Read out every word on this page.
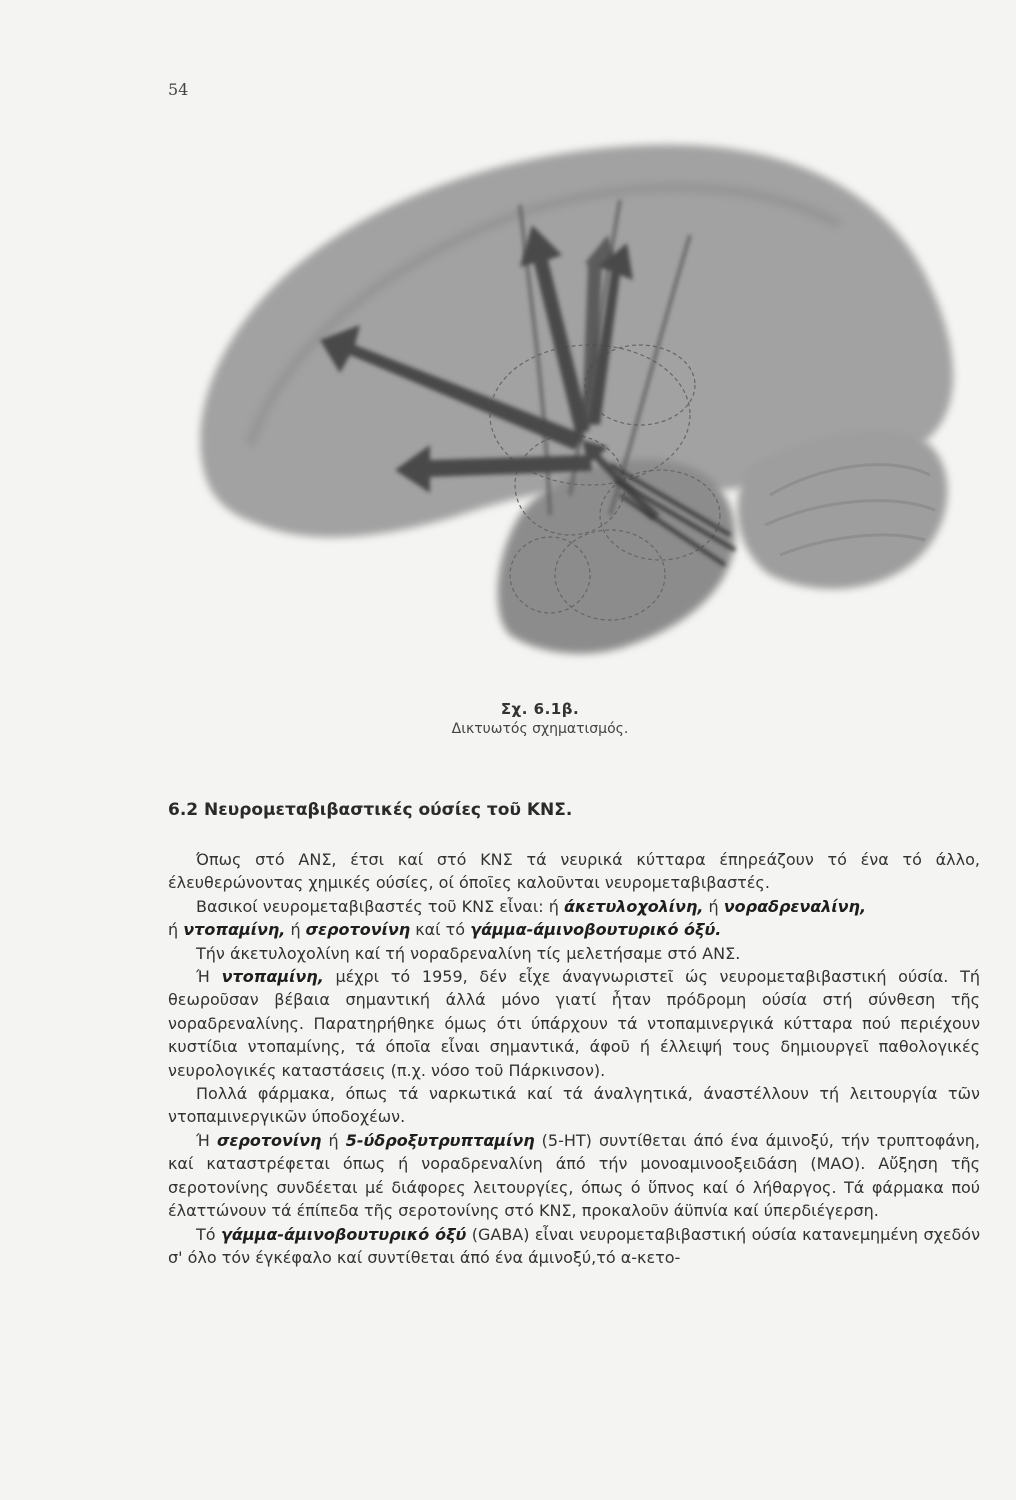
54
Σχ. 6.1β.
Δικτυωτός σχηματισμός.
6.2 Νευρομεταβιβαστικές ούσίες τοῦ ΚΝΣ.

Όπως στό ΑΝΣ, έτσι καί στό ΚΝΣ τά νευρικά κύτταρα έπηρεάζουν τό ένα τό άλλο, έλευθερώνοντας χημικές ούσίες, οί όποῖες καλοῦνται νευρομεταβιβαστές.

Βασικοί νευρομεταβιβαστές τοῦ ΚΝΣ εἶναι: ή άκετυλοχολίνη, ή νοραδρεναλίνη,
ή ντοπαμίνη, ή σεροτονίνη καί τό γάμμα-άμινοβουτυρικό όξύ.

Τήν άκετυλοχολίνη καί τή νοραδρεναλίνη τίς μελετήσαμε στό ΑΝΣ.

Ή ντοπαμίνη, μέχρι τό 1959, δέν εἶχε άναγνωριστεῖ ώς νευρομεταβιβαστική ούσία. Τή θεωροῦσαν βέβαια σημαντική άλλά μόνο γιατί ἦταν πρόδρομη ούσία στή σύνθεση τῆς νοραδρεναλίνης. Παρατηρήθηκε όμως ότι ύπάρχουν τά ντοπαμινεργικά κύτταρα πού περιέχουν κυστίδια ντοπαμίνης, τά όποῖα εἶναι σημαντικά, άφοῦ ή έλλειψή τους δημιουργεῖ παθολογικές νευρολογικές καταστάσεις (π.χ. νόσο τοῦ Πάρκινσον).

Πολλά φάρμακα, όπως τά ναρκωτικά καί τά άναλγητικά, άναστέλλουν τή λειτουργία τῶν ντοπαμινεργικῶν ύποδοχέων.

Ή σεροτονίνη ή 5-ύδροξυτρυπταμίνη (5-ΗΤ) συντίθεται άπό ένα άμινοξύ, τήν τρυπτοφάνη, καί καταστρέφεται όπως ή νοραδρεναλίνη άπό τήν μονοαμινοοξειδάση (ΜΑΟ). Αὔξηση τῆς σεροτονίνης συνδέεται μέ διάφορες λειτουργίες, όπως ό ὕπνος καί ό λήθαργος. Τά φάρμακα πού έλαττώνουν τά έπίπεδα τῆς σεροτονίνης στό ΚΝΣ, προκαλοῦν άϋπνία καί ύπερδιέγερση.

Τό γάμμα-άμινοβουτυρικό όξύ (GABA) εἶναι νευρομεταβιβαστική ούσία κατανεμημένη σχεδόν σ' όλο τόν έγκέφαλο καί συντίθεται άπό ένα άμινοξύ,τό α-κετο-
